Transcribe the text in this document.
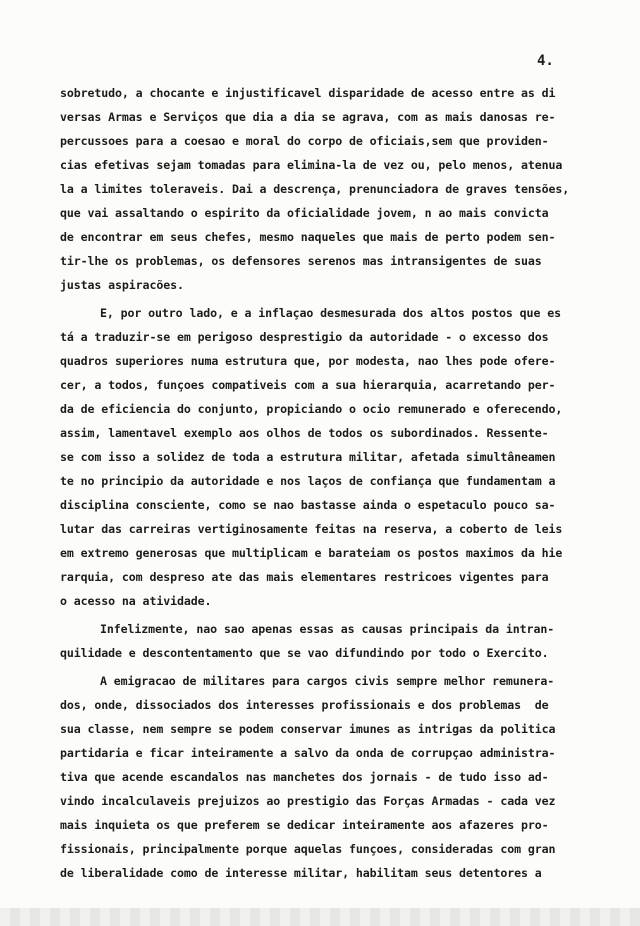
4.
sobretudo, a chocante e injustificavel disparidade de acesso entre as di
versas Armas e Serviços que dia a dia se agrava, com as mais danosas re-
percussoes para a coesao e moral do corpo de oficiais,sem que providen-
cias efetivas sejam tomadas para elimina-la de vez ou, pelo menos, atenua
la a limites toleraveis. Dai a descrença, prenunciadora de graves tensões,
que vai assaltando o espirito da oficialidade jovem, n ao mais convicta
de encontrar em seus chefes, mesmo naqueles que mais de perto podem sen-
tir-lhe os problemas, os defensores serenos mas intransigentes de suas
justas aspiracões.
E, por outro lado, e a inflaçao desmesurada dos altos postos que es
tá a traduzir-se em perigoso desprestigio da autoridade - o excesso dos
quadros superiores numa estrutura que, por modesta, nao lhes pode ofere-
cer, a todos, funçoes compativeis com a sua hierarquia, acarretando per-
da de eficiencia do conjunto, propiciando o ocio remunerado e oferecendo,
assim, lamentavel exemplo aos olhos de todos os subordinados. Ressente-
se com isso a solidez de toda a estrutura militar, afetada simultâneamen
te no principio da autoridade e nos laços de confiança que fundamentam a
disciplina consciente, como se nao bastasse ainda o espetaculo pouco sa-
lutar das carreiras vertiginosamente feitas na reserva, a coberto de leis
em extremo generosas que multiplicam e barateiam os postos maximos da hie
rarquia, com despreso ate das mais elementares restricoes vigentes para
o acesso na atividade.
Infelizmente, nao sao apenas essas as causas principais da intran-
quilidade e descontentamento que se vao difundindo por todo o Exercito.
A emigracao de militares para cargos civis sempre melhor remunera-
dos, onde, dissociados dos interesses profissionais e dos problemas  de
sua classe, nem sempre se podem conservar imunes as intrigas da politica
partidaria e ficar inteiramente a salvo da onda de corrupçao administra-
tiva que acende escandalos nas manchetes dos jornais - de tudo isso ad-
vindo incalculaveis prejuizos ao prestigio das Forças Armadas - cada vez
mais inquieta os que preferem se dedicar inteiramente aos afazeres pro-
fissionais, principalmente porque aquelas funçoes, consideradas com gran
de liberalidade como de interesse militar, habilitam seus detentores a
